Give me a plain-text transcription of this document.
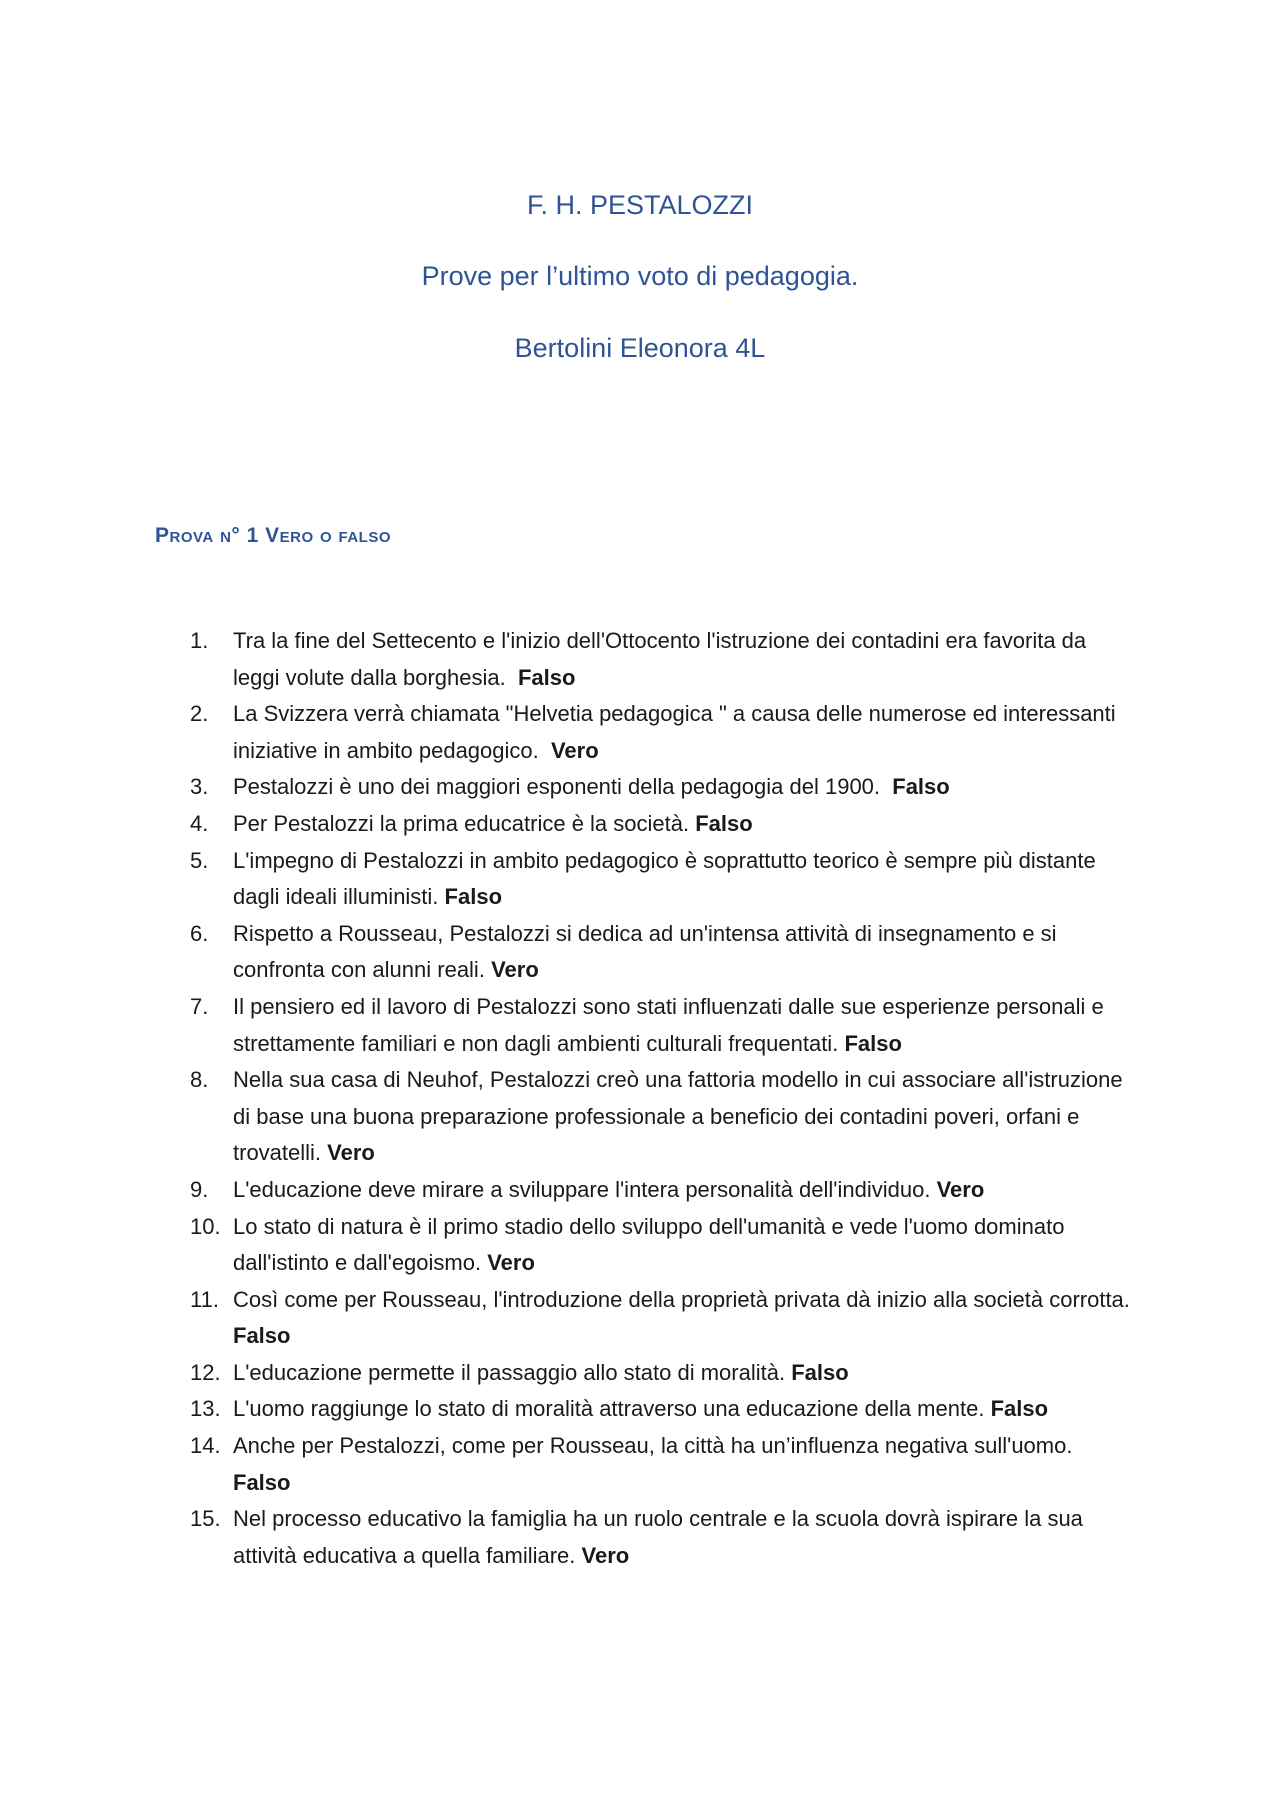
F. H. PESTALOZZI
Prove per l’ultimo voto di pedagogia.
Bertolini Eleonora 4L
Prova n° 1 Vero o falso
1.	Tra la fine del Settecento e l'inizio dell'Ottocento l'istruzione dei contadini era favorita da leggi volute dalla borghesia.  Falso
2.	La Svizzera verrà chiamata "Helvetia pedagogica " a causa delle numerose ed interessanti iniziative in ambito pedagogico.  Vero
3.	Pestalozzi è uno dei maggiori esponenti della pedagogia del 1900.  Falso
4.	Per Pestalozzi la prima educatrice è la società. Falso
5.	L'impegno di Pestalozzi in ambito pedagogico è soprattutto teorico è sempre più distante dagli ideali illuministi. Falso
6.	Rispetto a Rousseau, Pestalozzi si dedica ad un'intensa attività di insegnamento e si confronta con alunni reali. Vero
7.	Il pensiero ed il lavoro di Pestalozzi sono stati influenzati dalle sue esperienze personali e strettamente familiari e non dagli ambienti culturali frequentati. Falso
8.	Nella sua casa di Neuhof, Pestalozzi creò una fattoria modello in cui associare all'istruzione di base una buona preparazione professionale a beneficio dei contadini poveri, orfani e trovatelli. Vero
9.	L'educazione deve mirare a sviluppare l'intera personalità dell'individuo. Vero
10. Lo stato di natura è il primo stadio dello sviluppo dell'umanità e vede l'uomo dominato dall'istinto e dall'egoismo. Vero
11. Così come per Rousseau, l'introduzione della proprietà privata dà inizio alla società corrotta.  Falso
12. L'educazione permette il passaggio allo stato di moralità. Falso
13. L'uomo raggiunge lo stato di moralità attraverso una educazione della mente. Falso
14. Anche per Pestalozzi, come per Rousseau, la città ha un’influenza negativa sull'uomo. Falso
15. Nel processo educativo la famiglia ha un ruolo centrale e la scuola dovrà ispirare la sua attività educativa a quella familiare. Vero
